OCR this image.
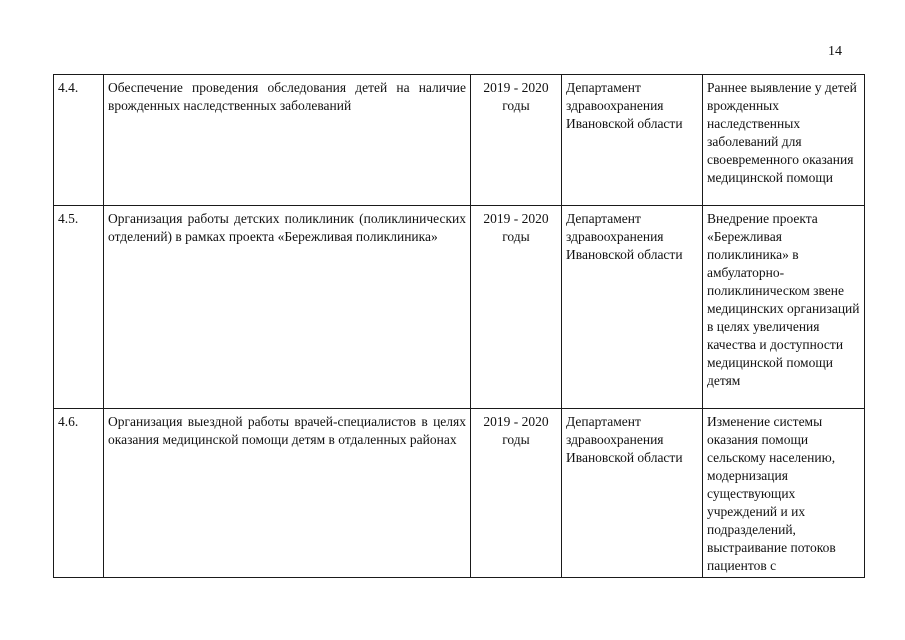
14
4.4.	Обеспечение проведения обследования детей на наличие врожденных наследственных заболеваний	2019 - 2020 годы	Департамент здравоохранения Ивановской области	Раннее выявление у детей врожденных наследственных заболеваний для своевременного оказания медицинской помощи
4.5.	Организация работы детских поликлиник (поликлинических отделений) в рамках проекта «Бережливая поликлиника»	2019 - 2020 годы	Департамент здравоохранения Ивановской области	Внедрение проекта «Бережливая поликлиника» в амбулаторно-поликлиническом звене медицинских организаций в целях увеличения качества и доступности медицинской помощи детям
4.6.	Организация выездной работы врачей-специалистов в целях оказания медицинской помощи детям в отдаленных районах	2019 - 2020 годы	Департамент здравоохранения Ивановской области	Изменение системы оказания помощи сельскому населению, модернизация существующих учреждений и их подразделений, выстраивание потоков пациентов с
